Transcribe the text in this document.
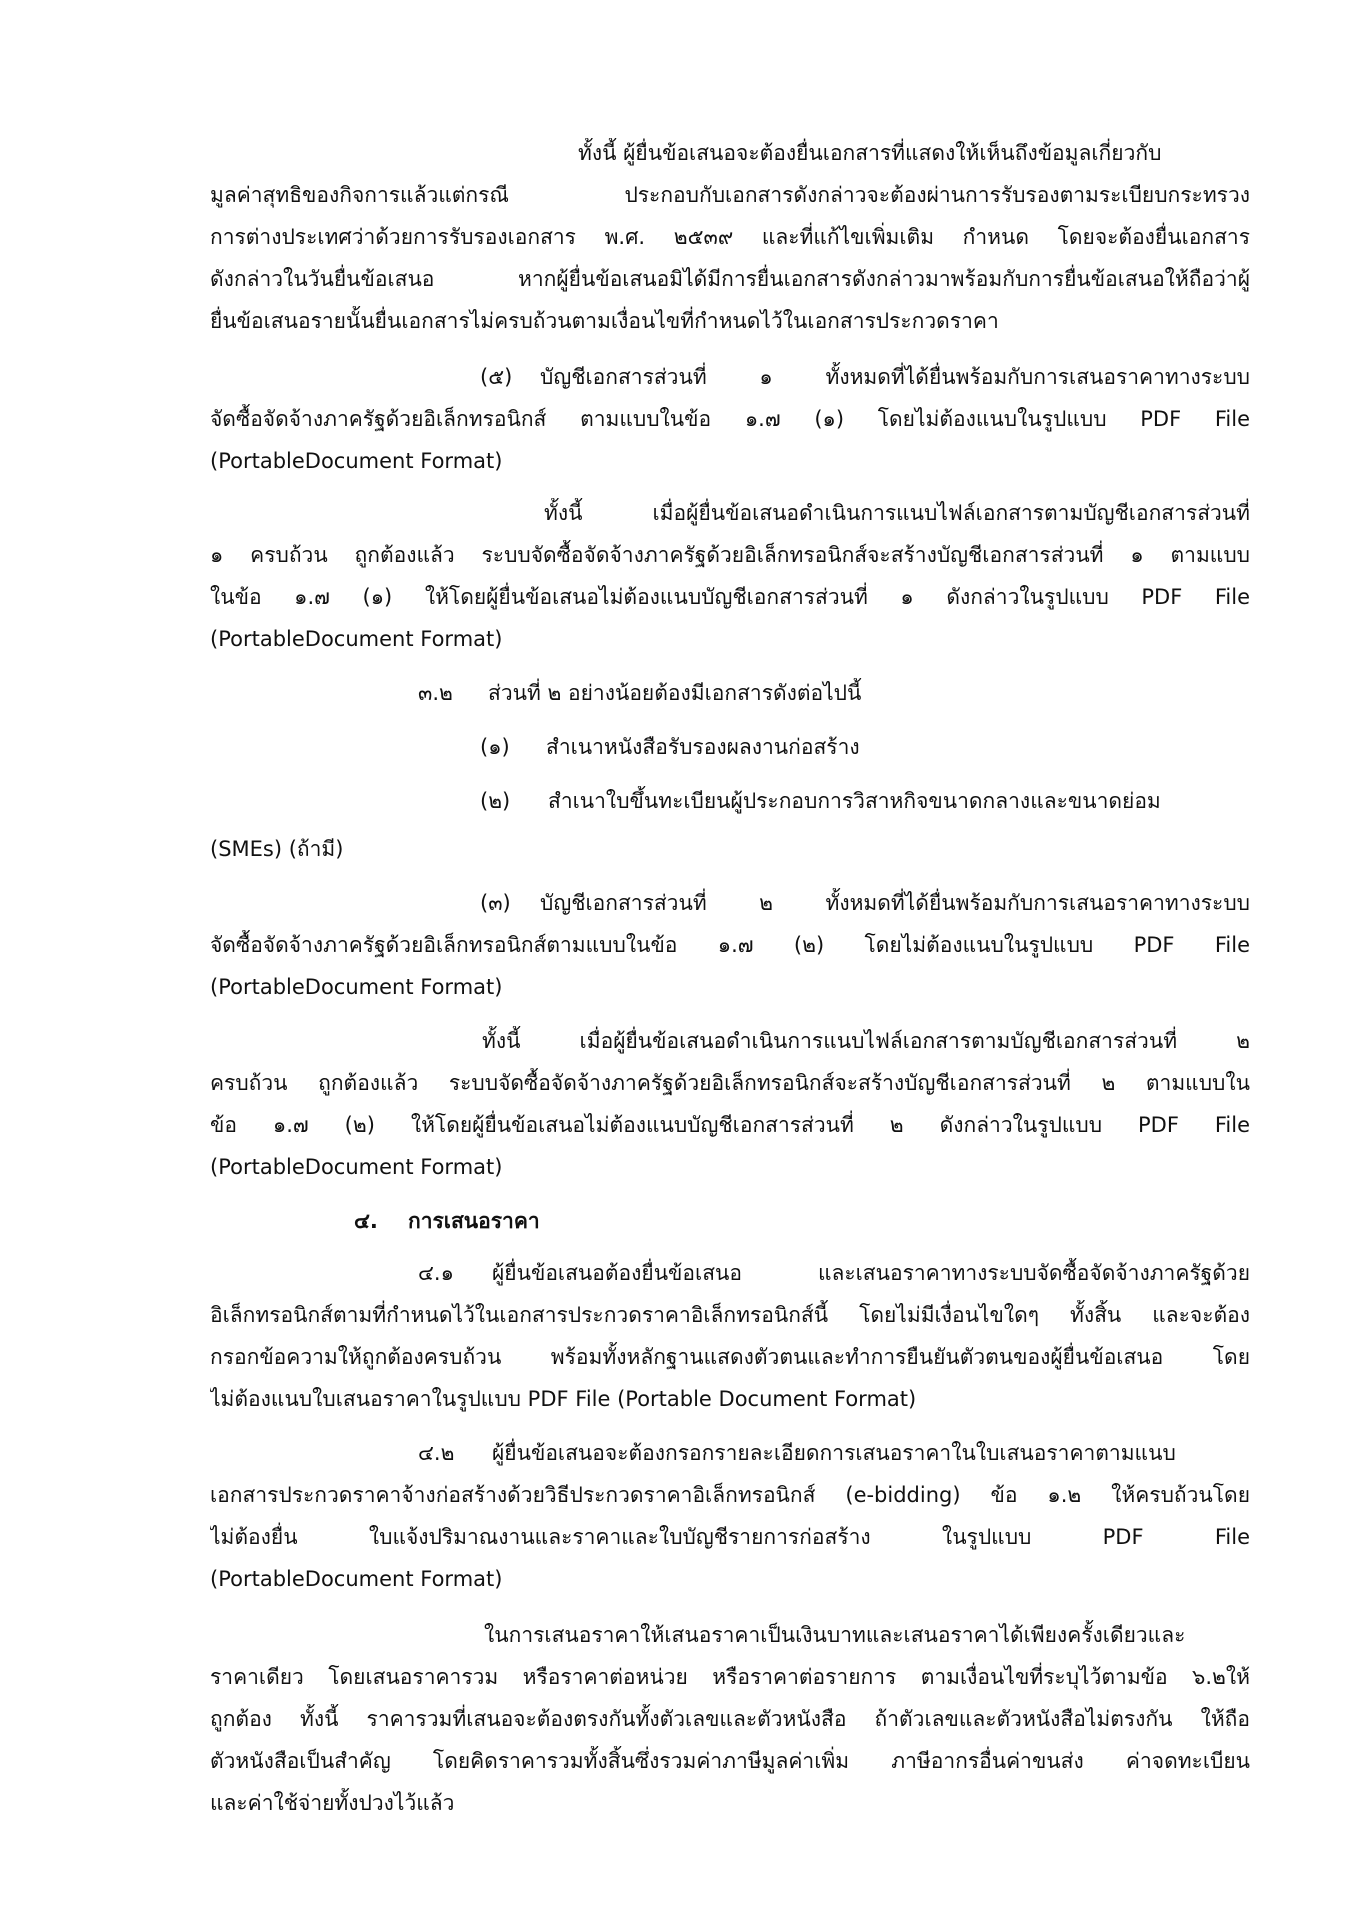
ทั้งนี้ ผู้ยื่นข้อเสนอจะต้องยื่นเอกสารที่แสดงให้เห็นถึงข้อมูลเกี่ยวกับ
มูลค่าสุทธิของกิจการแล้วแต่กรณี ประกอบกับเอกสารดังกล่าวจะต้องผ่านการรับรองตามระเบียบกระทรวง
การต่างประเทศว่าด้วยการรับรองเอกสาร พ.ศ. ๒๕๓๙ และที่แก้ไขเพิ่มเติม กำหนด โดยจะต้องยื่นเอกสาร
ดังกล่าวในวันยื่นข้อเสนอ หากผู้ยื่นข้อเสนอมิได้มีการยื่นเอกสารดังกล่าวมาพร้อมกับการยื่นข้อเสนอให้ถือว่าผู้
ยื่นข้อเสนอรายนั้นยื่นเอกสารไม่ครบถ้วนตามเงื่อนไขที่กำหนดไว้ในเอกสารประกวดราคา
(๕)	บัญชีเอกสารส่วนที่ ๑ ทั้งหมดที่ได้ยื่นพร้อมกับการเสนอราคาทางระบบ
จัดซื้อจัดจ้างภาครัฐด้วยอิเล็กทรอนิกส์ ตามแบบในข้อ ๑.๗ (๑) โดยไม่ต้องแนบในรูปแบบ PDF File
(PortableDocument Format)
ทั้งนี้ เมื่อผู้ยื่นข้อเสนอดำเนินการแนบไฟล์เอกสารตามบัญชีเอกสารส่วนที่
๑ ครบถ้วน ถูกต้องแล้ว ระบบจัดซื้อจัดจ้างภาครัฐด้วยอิเล็กทรอนิกส์จะสร้างบัญชีเอกสารส่วนที่ ๑ ตามแบบ
ในข้อ ๑.๗ (๑) ให้โดยผู้ยื่นข้อเสนอไม่ต้องแนบบัญชีเอกสารส่วนที่ ๑ ดังกล่าวในรูปแบบ PDF File
(PortableDocument Format)
๓.๒	ส่วนที่ ๒ อย่างน้อยต้องมีเอกสารดังต่อไปนี้
(๑)	สำเนาหนังสือรับรองผลงานก่อสร้าง
(๒)	สำเนาใบขึ้นทะเบียนผู้ประกอบการวิสาหกิจขนาดกลางและขนาดย่อม
(SMEs) (ถ้ามี)
(๓)	บัญชีเอกสารส่วนที่ ๒ ทั้งหมดที่ได้ยื่นพร้อมกับการเสนอราคาทางระบบ
จัดซื้อจัดจ้างภาครัฐด้วยอิเล็กทรอนิกส์ตามแบบในข้อ ๑.๗ (๒) โดยไม่ต้องแนบในรูปแบบ PDF File
(PortableDocument Format)
ทั้งนี้ เมื่อผู้ยื่นข้อเสนอดำเนินการแนบไฟล์เอกสารตามบัญชีเอกสารส่วนที่ ๒
ครบถ้วน ถูกต้องแล้ว ระบบจัดซื้อจัดจ้างภาครัฐด้วยอิเล็กทรอนิกส์จะสร้างบัญชีเอกสารส่วนที่ ๒ ตามแบบใน
ข้อ ๑.๗ (๒) ให้โดยผู้ยื่นข้อเสนอไม่ต้องแนบบัญชีเอกสารส่วนที่ ๒ ดังกล่าวในรูปแบบ PDF File
(PortableDocument Format)
๔.	การเสนอราคา
๔.๑	ผู้ยื่นข้อเสนอต้องยื่นข้อเสนอ และเสนอราคาทางระบบจัดซื้อจัดจ้างภาครัฐด้วย
อิเล็กทรอนิกส์ตามที่กำหนดไว้ในเอกสารประกวดราคาอิเล็กทรอนิกส์นี้ โดยไม่มีเงื่อนไขใดๆ ทั้งสิ้น และจะต้อง
กรอกข้อความให้ถูกต้องครบถ้วน พร้อมทั้งหลักฐานแสดงตัวตนและทำการยืนยันตัวตนของผู้ยื่นข้อเสนอ โดย
ไม่ต้องแนบใบเสนอราคาในรูปแบบ PDF File (Portable Document Format)
๔.๒	ผู้ยื่นข้อเสนอจะต้องกรอกรายละเอียดการเสนอราคาในใบเสนอราคาตามแนบ
เอกสารประกวดราคาจ้างก่อสร้างด้วยวิธีประกวดราคาอิเล็กทรอนิกส์ (e-bidding) ข้อ ๑.๒ ให้ครบถ้วนโดย
ไม่ต้องยื่น ใบแจ้งปริมาณงานและราคาและใบบัญชีรายการก่อสร้าง ในรูปแบบ PDF File
(PortableDocument Format)
ในการเสนอราคาให้เสนอราคาเป็นเงินบาทและเสนอราคาได้เพียงครั้งเดียวและ
ราคาเดียว โดยเสนอราคารวม หรือราคาต่อหน่วย หรือราคาต่อรายการ ตามเงื่อนไขที่ระบุไว้ตามข้อ ๖.๒ให้
ถูกต้อง ทั้งนี้ ราคารวมที่เสนอจะต้องตรงกันทั้งตัวเลขและตัวหนังสือ ถ้าตัวเลขและตัวหนังสือไม่ตรงกัน ให้ถือ
ตัวหนังสือเป็นสำคัญ โดยคิดราคารวมทั้งสิ้นซึ่งรวมค่าภาษีมูลค่าเพิ่ม ภาษีอากรอื่นค่าขนส่ง ค่าจดทะเบียน
และค่าใช้จ่ายทั้งปวงไว้แล้ว
